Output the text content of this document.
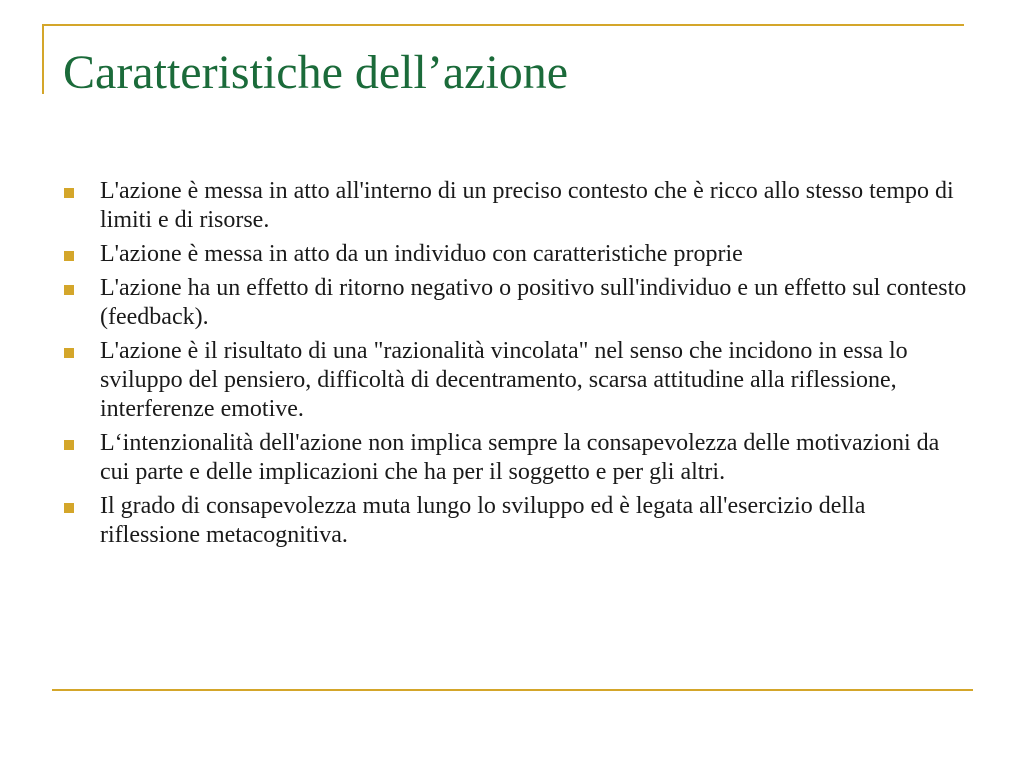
Caratteristiche dell’azione
L'azione è messa in atto all'interno di un preciso contesto che è ricco allo stesso tempo di limiti e di risorse.
L'azione è messa in atto da un individuo con caratteristiche proprie
L'azione ha un effetto di ritorno negativo o positivo sull'individuo e un effetto sul contesto (feedback).
L'azione è il risultato di una "razionalità vincolata" nel senso che incidono in essa lo sviluppo del pensiero, difficoltà di decentramento, scarsa attitudine alla riflessione, interferenze emotive.
L‘intenzionalità dell'azione non implica sempre la consapevolezza delle motivazioni da cui parte e delle implicazioni che ha per il soggetto e per gli altri.
Il grado di consapevolezza muta lungo lo sviluppo ed è legata all'esercizio della riflessione metacognitiva.
